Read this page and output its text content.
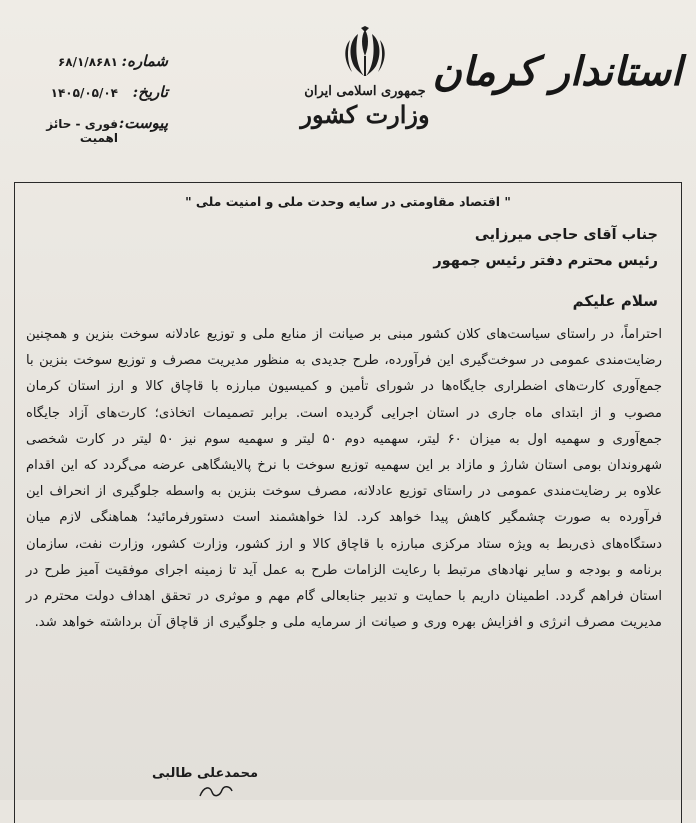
شماره:
۶۸/۱/۸۶۸۱
تاریخ:
۱۴۰۵/۰۵/۰۴
پیوست:
فوری - حائز اهمیت
جمهوری اسلامی ایران
وزارت کشور
استاندار کرمان
" اقتصاد مقاومتی در سایه وحدت ملی و امنیت ملی "
جناب آقای حاجی میرزایی
رئیس محترم دفتر رئیس جمهور
سلام علیکم
احتراماً، در راستای سیاست‌های کلان کشور مبنی بر صیانت از منابع ملی و توزیع عادلانه سوخت بنزین و همچنین رضایت‌مندی عمومی در سوخت‌گیری این فرآورده، طرح جدیدی به منظور مدیریت مصرف و توزیع سوخت بنزین با جمع‌آوری کارت‌های اضطراری جایگاه‌ها در شورای تأمین و کمیسیون مبارزه با قاچاق کالا و ارز استان کرمان مصوب و از ابتدای ماه جاری در استان اجرایی گردیده است. برابر تصمیمات اتخاذی؛ کارت‌های آزاد جایگاه جمع‌آوری و سهمیه اول به میزان ۶۰ لیتر، سهمیه دوم ۵۰ لیتر و سهمیه سوم نیز ۵۰ لیتر در کارت شخصی شهروندان بومی استان شارژ و مازاد بر این سهمیه توزیع سوخت با نرخ پالایشگاهی عرضه می‌گردد که این اقدام علاوه بر رضایت‌مندی عمومی در راستای توزیع عادلانه، مصرف سوخت بنزین به واسطه جلوگیری از انحراف این فرآورده به صورت چشمگیر کاهش پیدا خواهد کرد. لذا خواهشمند است دستورفرمائید؛ هماهنگی لازم میان دستگاه‌های ذی‌ربط به ویژه ستاد مرکزی مبارزه با قاچاق کالا و ارز کشور، وزارت کشور، وزارت نفت، سازمان برنامه و بودجه و سایر نهادهای مرتبط با رعایت الزامات طرح به عمل آید تا زمینه اجرای موفقیت آمیز طرح در استان فراهم گردد. اطمینان داریم با حمایت و تدبیر جنابعالی گام مهم و موثری در تحقق اهداف دولت محترم در مدیریت مصرف انرژی و افزایش بهره وری و صیانت از سرمایه ملی و جلوگیری از قاچاق آن برداشته خواهد شد.
محمدعلی طالبی
